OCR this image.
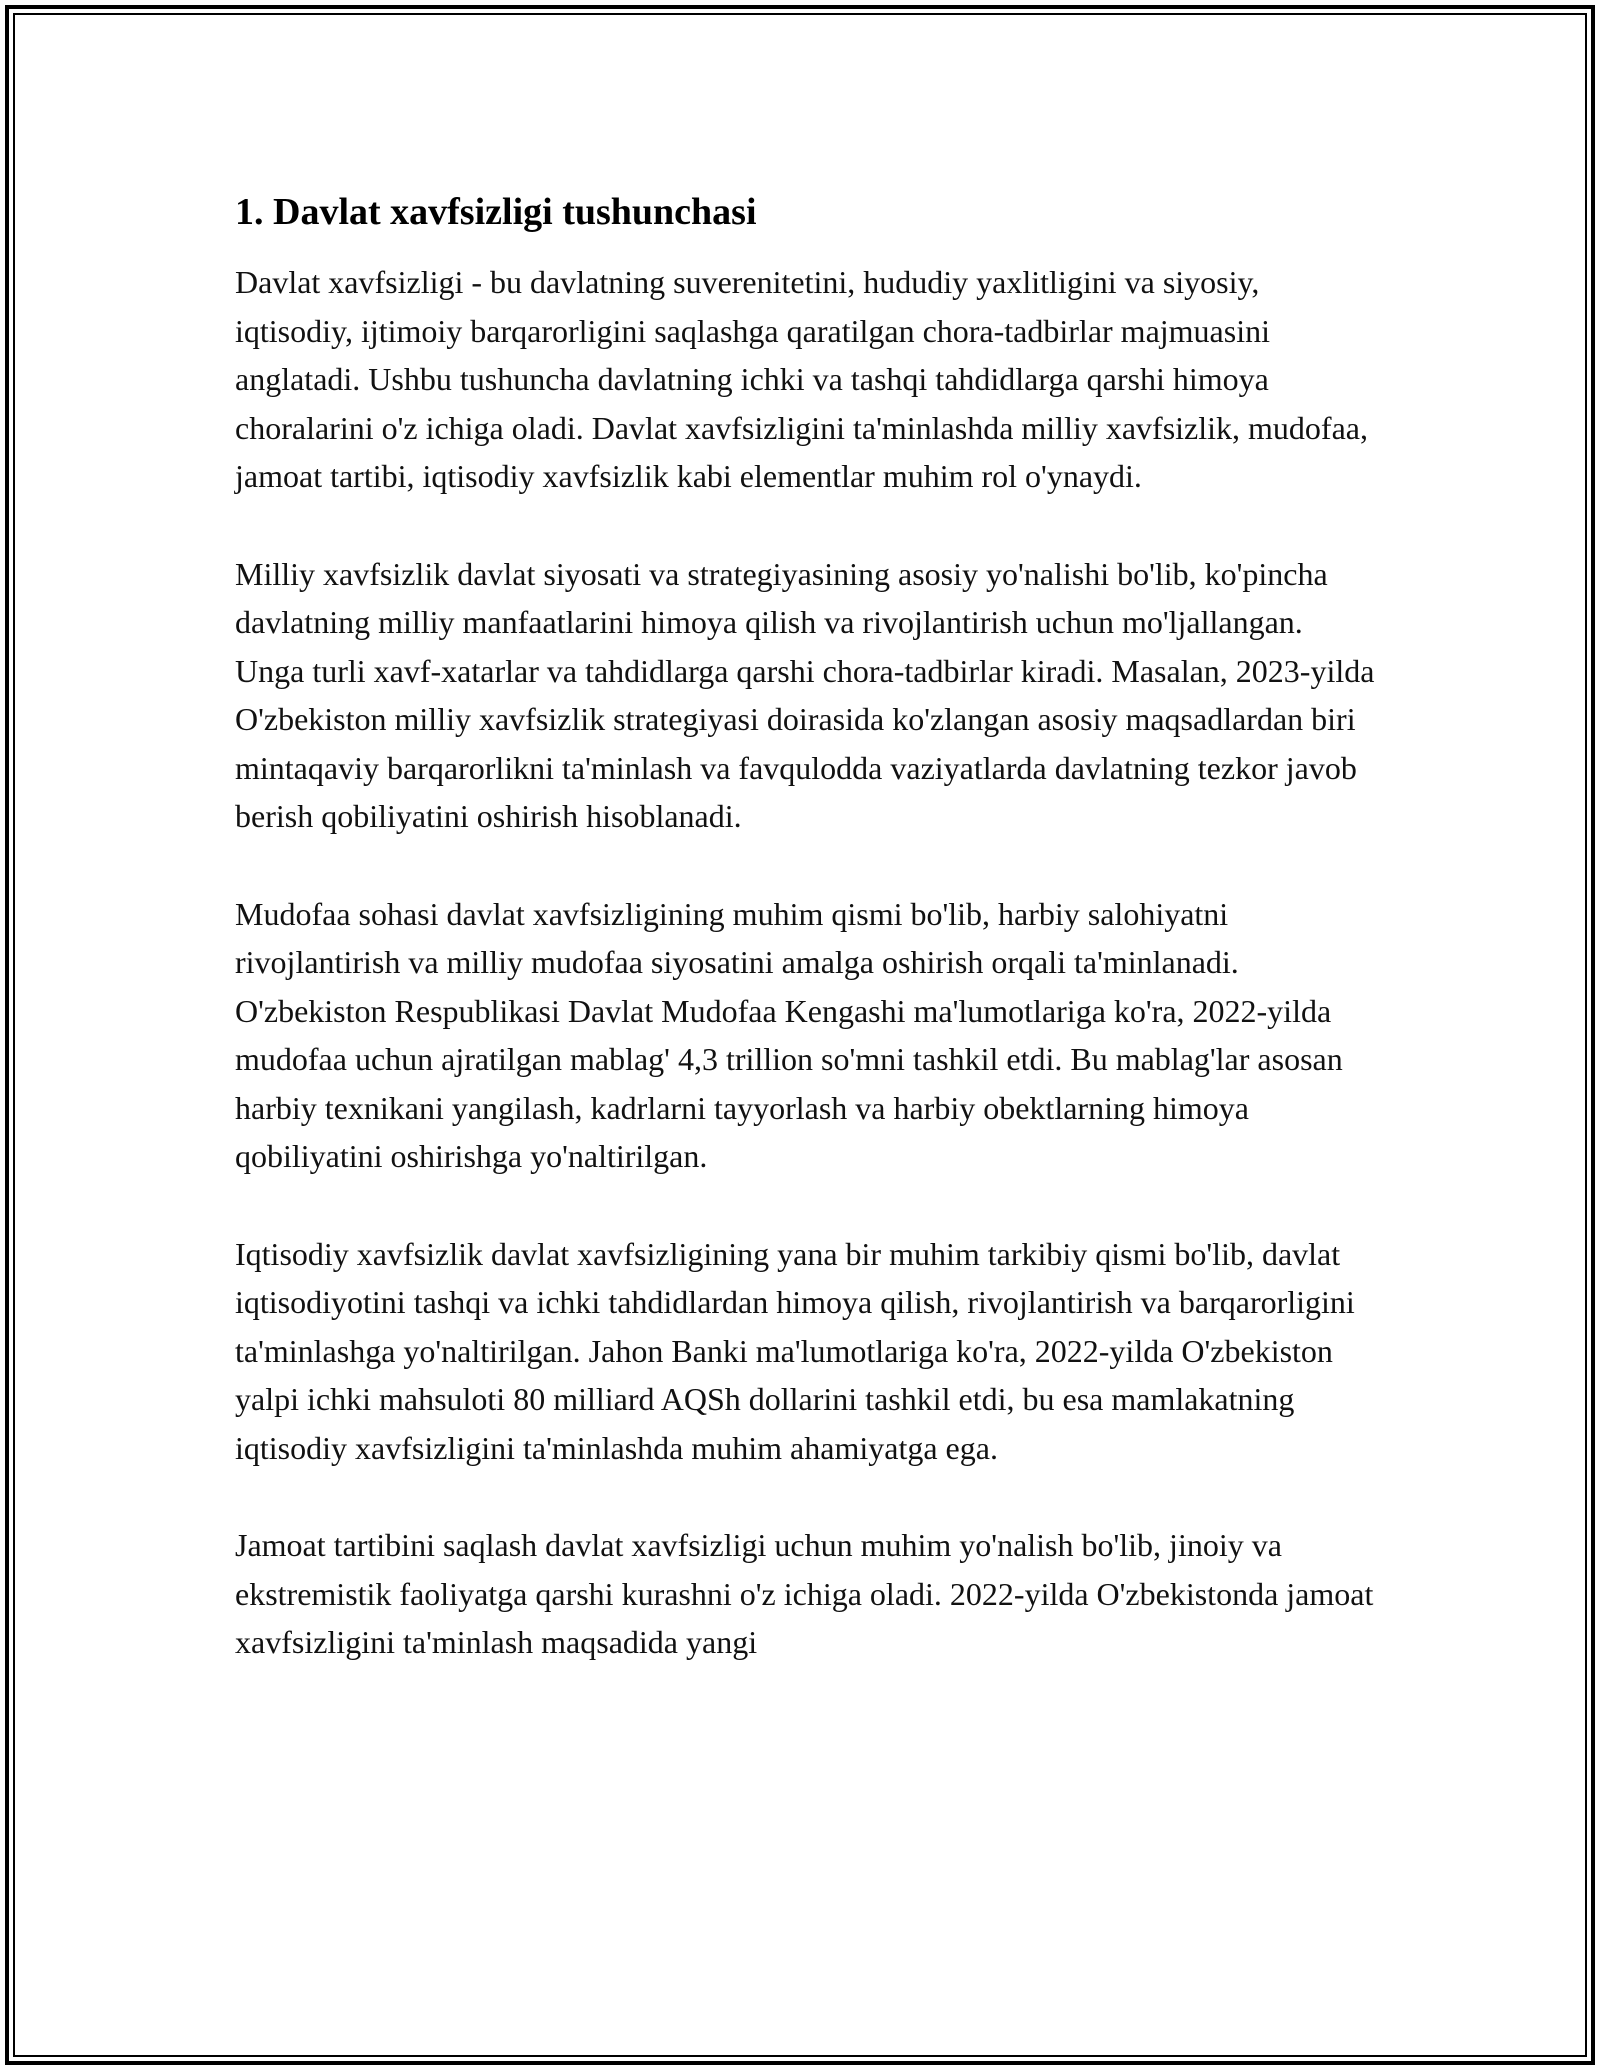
1. Davlat xavfsizligi tushunchasi

Davlat xavfsizligi - bu davlatning suverenitetini, hududiy yaxlitligini va siyosiy, iqtisodiy, ijtimoiy barqarorligini saqlashga qaratilgan chora-tadbirlar majmuasini anglatadi. Ushbu tushuncha davlatning ichki va tashqi tahdidlarga qarshi himoya choralarini o'z ichiga oladi. Davlat xavfsizligini ta'minlashda milliy xavfsizlik, mudofaa, jamoat tartibi, iqtisodiy xavfsizlik kabi elementlar muhim rol o'ynaydi.

Milliy xavfsizlik davlat siyosati va strategiyasining asosiy yo'nalishi bo'lib, ko'pincha davlatning milliy manfaatlarini himoya qilish va rivojlantirish uchun mo'ljallangan. Unga turli xavf-xatarlar va tahdidlarga qarshi chora-tadbirlar kiradi. Masalan, 2023-yilda O'zbekiston milliy xavfsizlik strategiyasi doirasida ko'zlangan asosiy maqsadlardan biri mintaqaviy barqarorlikni ta'minlash va favqulodda vaziyatlarda davlatning tezkor javob berish qobiliyatini oshirish hisoblanadi.

Mudofaa sohasi davlat xavfsizligining muhim qismi bo'lib, harbiy salohiyatni rivojlantirish va milliy mudofaa siyosatini amalga oshirish orqali ta'minlanadi. O'zbekiston Respublikasi Davlat Mudofaa Kengashi ma'lumotlariga ko'ra, 2022-yilda mudofaa uchun ajratilgan mablag' 4,3 trillion so'mni tashkil etdi. Bu mablag'lar asosan harbiy texnikani yangilash, kadrlarni tayyorlash va harbiy obektlarning himoya qobiliyatini oshirishga yo'naltirilgan.

Iqtisodiy xavfsizlik davlat xavfsizligining yana bir muhim tarkibiy qismi bo'lib, davlat iqtisodiyotini tashqi va ichki tahdidlardan himoya qilish, rivojlantirish va barqarorligini ta'minlashga yo'naltirilgan. Jahon Banki ma'lumotlariga ko'ra, 2022-yilda O'zbekiston yalpi ichki mahsuloti 80 milliard AQSh dollarini tashkil etdi, bu esa mamlakatning iqtisodiy xavfsizligini ta'minlashda muhim ahamiyatga ega.

Jamoat tartibini saqlash davlat xavfsizligi uchun muhim yo'nalish bo'lib, jinoiy va ekstremistik faoliyatga qarshi kurashni o'z ichiga oladi. 2022-yilda O'zbekistonda jamoat xavfsizligini ta'minlash maqsadida yangi
